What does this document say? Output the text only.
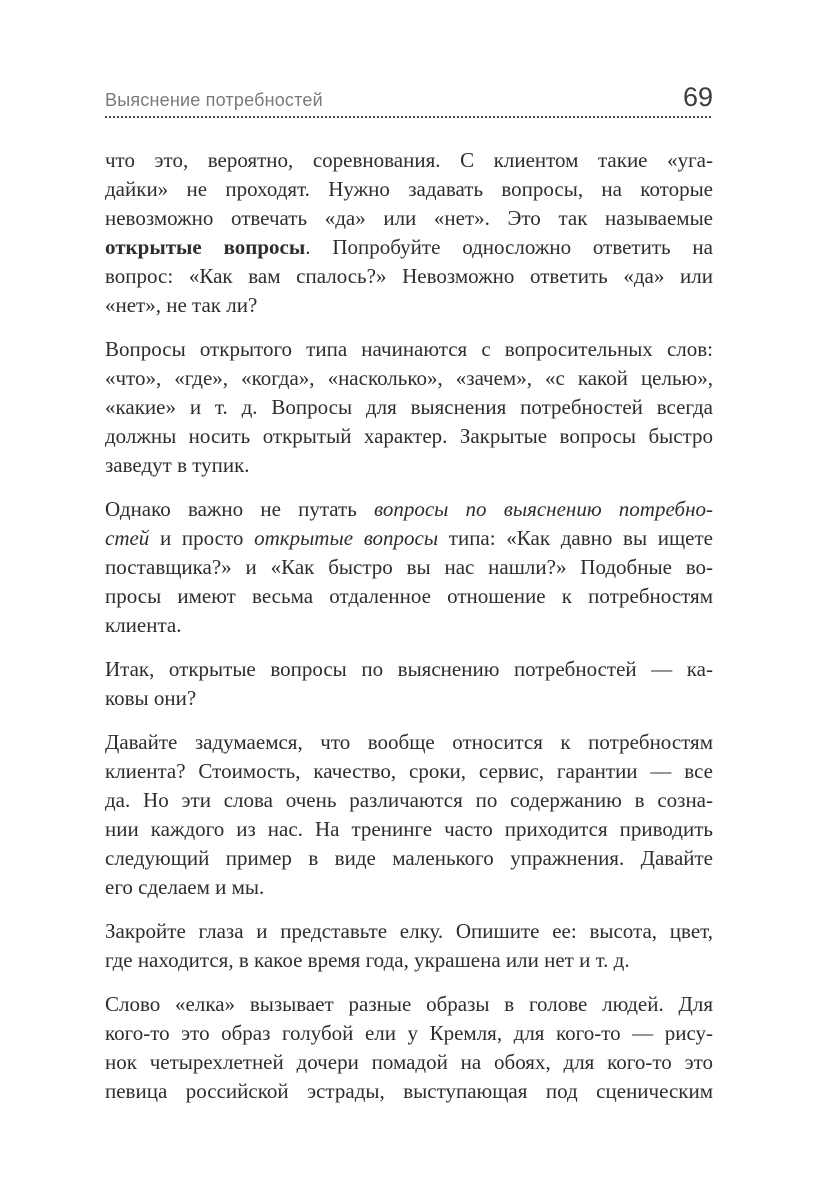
Выяснение потребностей	69
что это, вероятно, соревнования. С клиентом такие «уга-
дайки» не проходят. Нужно задавать вопросы, на которые
невозможно отвечать «да» или «нет». Это так называемые
открытые вопросы. Попробуйте односложно ответить на
вопрос: «Как вам спалось?» Невозможно ответить «да» или
«нет», не так ли?
Вопросы открытого типа начинаются с вопросительных слов:
«что», «где», «когда», «насколько», «зачем», «с какой целью»,
«какие» и т. д. Вопросы для выяснения потребностей всегда
должны носить открытый характер. Закрытые вопросы быстро
заведут в тупик.
Однако важно не путать вопросы по выяснению потребно-
стей и просто открытые вопросы типа: «Как давно вы ищете
поставщика?» и «Как быстро вы нас нашли?» Подобные во-
просы имеют весьма отдаленное отношение к потребностям
клиента.
Итак, открытые вопросы по выяснению потребностей — ка-
ковы они?
Давайте задумаемся, что вообще относится к потребностям
клиента? Стоимость, качество, сроки, сервис, гарантии — все
да. Но эти слова очень различаются по содержанию в созна-
нии каждого из нас. На тренинге часто приходится приводить
следующий пример в виде маленького упражнения. Давайте
его сделаем и мы.
Закройте глаза и представьте елку. Опишите ее: высота, цвет,
где находится, в какое время года, украшена или нет и т. д.
Слово «елка» вызывает разные образы в голове людей. Для
кого-то это образ голубой ели у Кремля, для кого-то — рису-
нок четырехлетней дочери помадой на обоях, для кого-то это
певица российской эстрады, выступающая под сценическим
